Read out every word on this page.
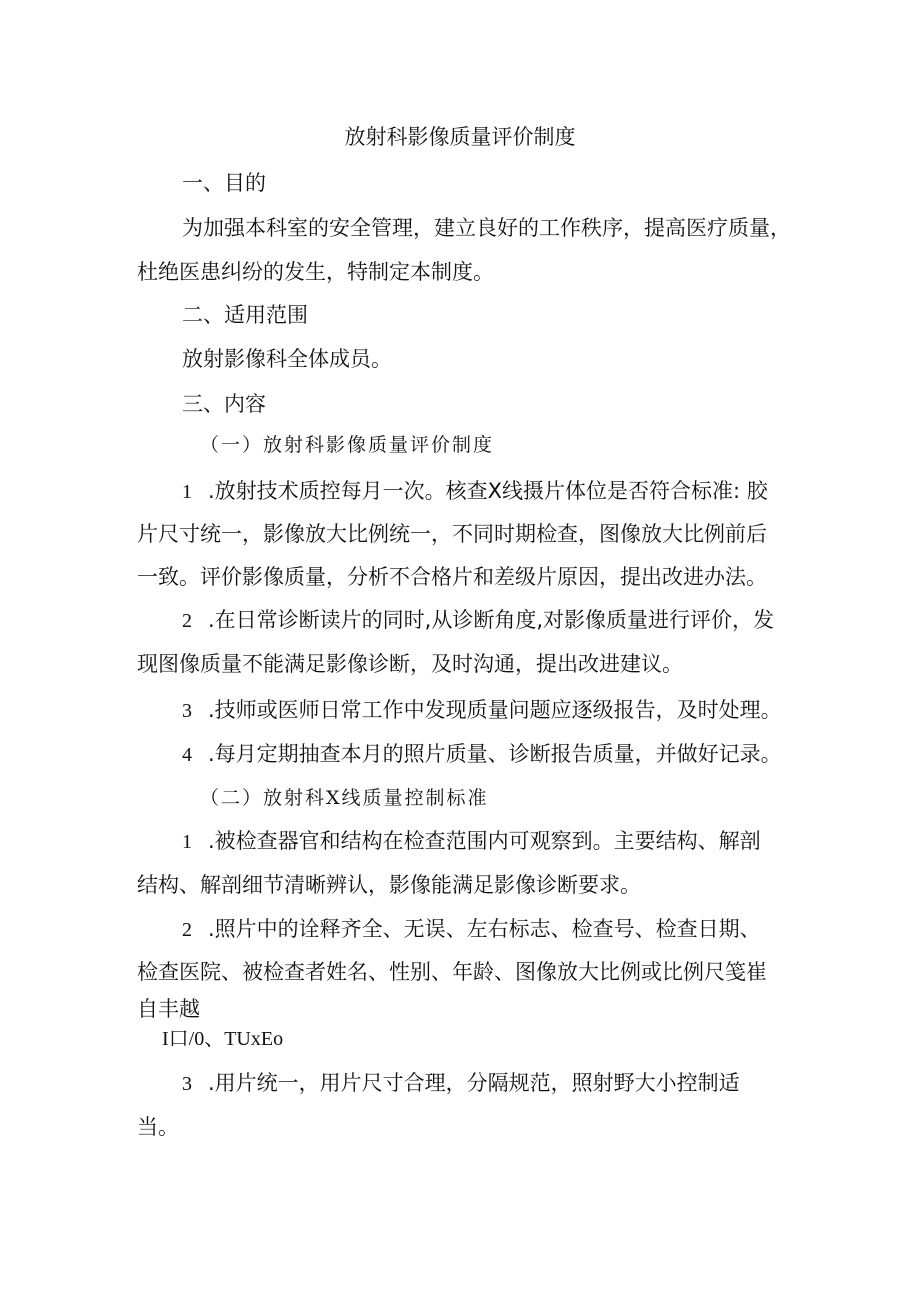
放射科影像质量评价制度
一、目的
为加强本科室的安全管理，建立良好的工作秩序，提高医疗质量，
杜绝医患纠纷的发生，特制定本制度。
二、适用范围
放射影像科全体成员。
三、内容
（一）放射科影像质量评价制度
1 .放射技术质控每月一次。核查X线摄片体位是否符合标准: 胶
片尺寸统一，影像放大比例统一，不同时期检查，图像放大比例前后
一致。评价影像质量，分析不合格片和差级片原因，提出改进办法。
2 .在日常诊断读片的同时,从诊断角度,对影像质量进行评价，发
现图像质量不能满足影像诊断，及时沟通，提出改进建议。
3 .技师或医师日常工作中发现质量问题应逐级报告，及时处理。
4 .每月定期抽查本月的照片质量、诊断报告质量，并做好记录。
（二）放射科X线质量控制标准
1 .被检查器官和结构在检查范围内可观察到。主要结构、解剖
结构、解剖细节清晰辨认，影像能满足影像诊断要求。
2 .照片中的诠释齐全、无误、左右标志、检查号、检查日期、
检查医院、被检查者姓名、性别、年龄、图像放大比例或比例尺笺崔
自丰越
I口/0、TUxEo
3 .用片统一，用片尺寸合理，分隔规范，照射野大小控制适
当。
